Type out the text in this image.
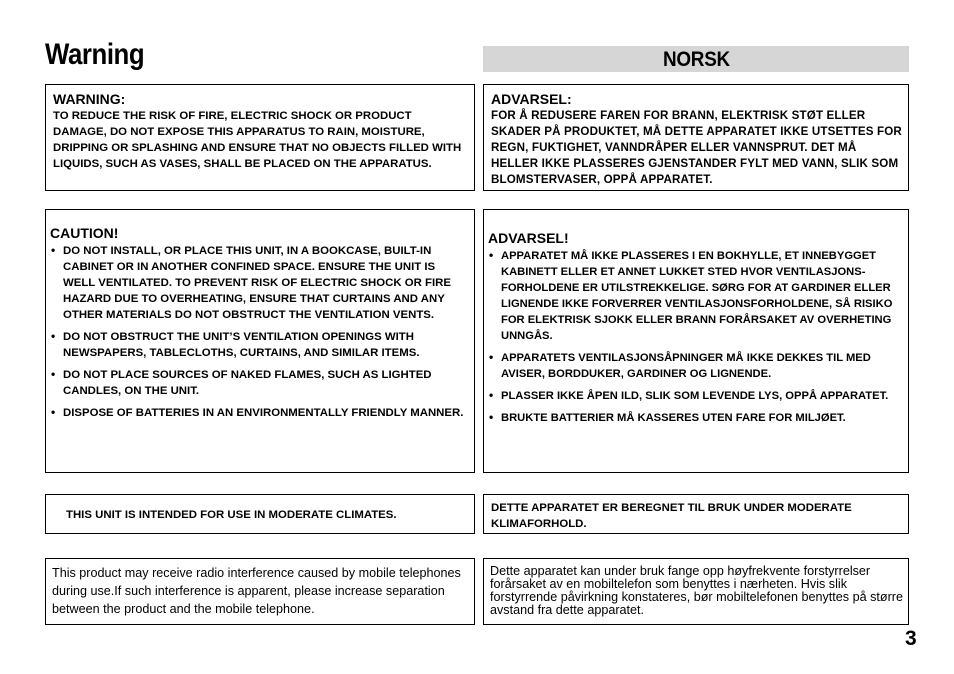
Warning	NORSK
WARNING:
TO REDUCE THE RISK OF FIRE, ELECTRIC SHOCK OR PRODUCT DAMAGE, DO NOT EXPOSE THIS APPARATUS TO RAIN, MOISTURE, DRIPPING OR SPLASHING AND ENSURE THAT NO OBJECTS FILLED WITH LIQUIDS, SUCH AS VASES, SHALL BE PLACED ON THE APPARATUS.
ADVARSEL:
FOR Å REDUSERE FAREN FOR BRANN, ELEKTRISK STØT ELLER SKADER PÅ PRODUKTET, MÅ DETTE APPARATET IKKE UTSETTES FOR REGN, FUKTIGHET, VANNDRÅPER ELLER VANNSPRUT. DET MÅ HELLER IKKE PLASSERES GJENSTANDER FYLT MED VANN, SLIK SOM BLOMSTERVASER, OPPÅ APPARATET.
CAUTION!
• DO NOT INSTALL, OR PLACE THIS UNIT, IN A BOOKCASE, BUILT-IN CABINET OR IN ANOTHER CONFINED SPACE. ENSURE THE UNIT IS WELL VENTILATED. TO PREVENT RISK OF ELECTRIC SHOCK OR FIRE HAZARD DUE TO OVERHEATING, ENSURE THAT CURTAINS AND ANY OTHER MATERIALS DO NOT OBSTRUCT THE VENTILATION VENTS.
• DO NOT OBSTRUCT THE UNIT’S VENTILATION OPENINGS WITH NEWSPAPERS, TABLECLOTHS, CURTAINS, AND SIMILAR ITEMS.
• DO NOT PLACE SOURCES OF NAKED FLAMES, SUCH AS LIGHTED CANDLES, ON THE UNIT.
• DISPOSE OF BATTERIES IN AN ENVIRONMENTALLY FRIENDLY MANNER.
ADVARSEL!
• APPARATET MÅ IKKE PLASSERES I EN BOKHYLLE, ET INNEBYGGET KABINETT ELLER ET ANNET LUKKET STED HVOR VENTILASJONS-FORHOLDENE ER UTILSTREKKELIGE. SØRG FOR AT GARDINER ELLER LIGNENDE IKKE FORVERRER VENTILASJONSFORHOLDENE, SÅ RISIKO FOR ELEKTRISK SJOKK ELLER BRANN FORÅRSAKET AV OVERHETING UNNGÅS.
• APPARATETS VENTILASJONSÅPNINGER MÅ IKKE DEKKES TIL MED AVISER, BORDDUKER, GARDINER OG LIGNENDE.
• PLASSER IKKE ÅPEN ILD, SLIK SOM LEVENDE LYS, OPPÅ APPARATET.
• BRUKTE BATTERIER MÅ KASSERES UTEN FARE FOR MILJØET.
THIS UNIT IS INTENDED FOR USE IN MODERATE CLIMATES.
DETTE APPARATET ER BEREGNET TIL BRUK UNDER MODERATE KLIMAFORHOLD.
This product may receive radio interference caused by mobile telephones during use.If such interference is apparent, please increase separation between the product and the mobile telephone.
Dette apparatet kan under bruk fange opp høyfrekvente forstyrrelser forårsaket av en mobiltelefon som benyttes i nærheten. Hvis slik forstyrrende påvirkning konstateres, bør mobiltelefonen benyttes på større avstand fra dette apparatet.
3
